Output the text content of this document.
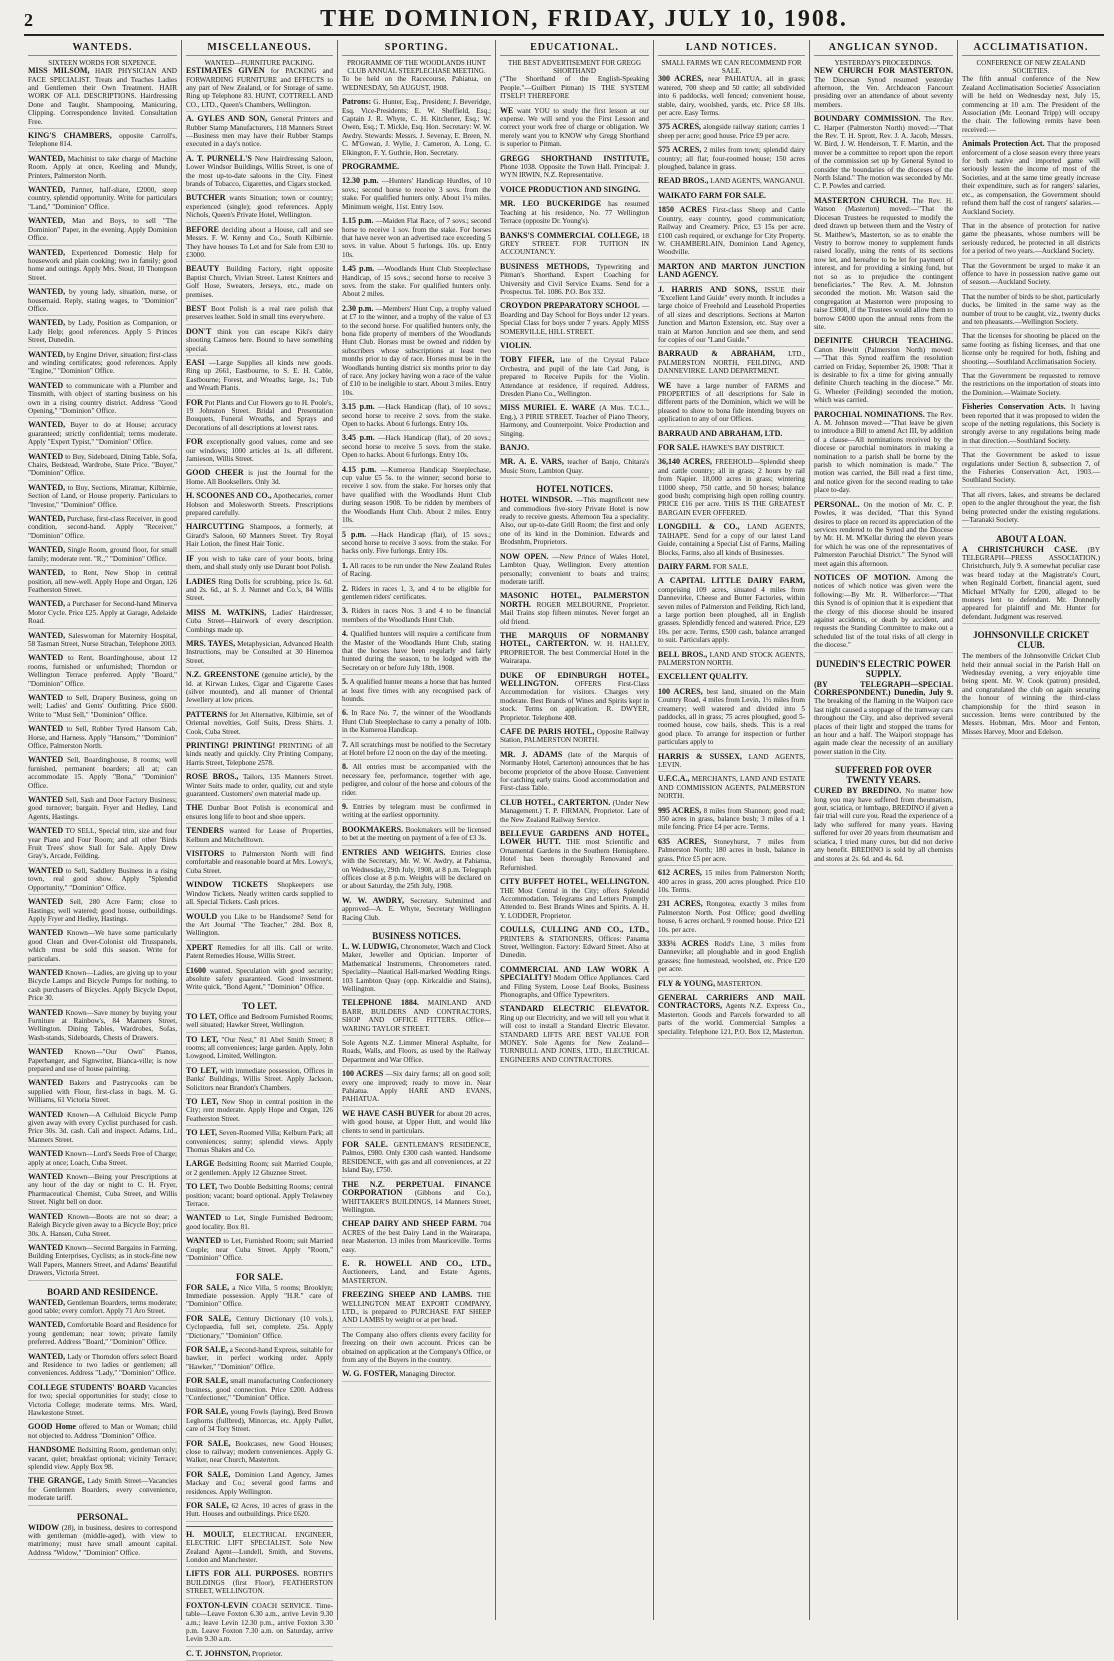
2	THE DOMINION, FRIDAY, JULY 10, 1908.
WANTEDS.
SIXTEEN WORDS FOR SIXPENCE.

MISS MILSOM, HAIR PHYSICIAN AND FACE SPECIALIST. Treats and Teaches Ladies and Gentlemen their Own Treatment. HAIR WORK OF ALL DESCRIPTIONS. Hairdressing Done and Taught. Shampooing, Manicuring, Clipping. Correspondence Invited. Consultation Free.

KING'S CHAMBERS, opposite Carroll's, Telephone 814.

WANTED, Machinist to take charge of Machine Room. Apply at once, Keeling and Mundy, Printers, Palmerston North.

WANTED, Partner, half-share, £2000, steep country, splendid opportunity. Write for particulars "Land," "Dominion" Office.

WANTED, Man and Boys, to sell "The Dominion" Paper, in the evening. Apply Dominion Office.

WANTED, Experienced Domestic Help for housework and plain cooking; two in family; good home and outings. Apply Mrs. Stout, 10 Thompson Street.

WANTED, by young lady, situation, nurse, or housemaid. Reply, stating wages, to "Dominion" Office.

WANTED, by Lady, Position as Companion, or Lady Help; good references. Apply 5 Princes Street, Dunedin.

WANTED, by Engine Driver, situation; first-class and winding certificates; good references. Apply "Engine," "Dominion" Office.

WANTED to communicate with a Plumber and Tinsmith, with object of starting business on his own in a rising country district. Address "Good Opening," "Dominion" Office.

WANTED, Buyer to do at House; accuracy guaranteed; strictly confidential; terms moderate. Apply "Expert Typist," "Dominion" Office.

WANTED to Buy, Sideboard, Dining Table, Sofa, Chairs, Bedstead, Wardrobe, State Price. "Buyer," "Dominion" Office.

WANTED, to Buy, Sections, Miramar, Kilbirnie, Section of Land, or House property. Particulars to "Investor," "Dominion" Office.

WANTED, Purchase, first-class Receiver, in good condition, second-hand. Apply "Receiver," "Dominion" Office.

WANTED, Single Room, ground floor, for small family; moderate rent. "R.," "Dominion" Office.

WANTED, to Rent, New Shop in central position, all new-well. Apply Hope and Organ, 126 Featherston Street.

WANTED, a Purchaser for Second-hand Minerva Motor Cycle. Price £25. Apply at Garage, Adelaide Road.

WANTED, Saleswoman for Maternity Hospital, 58 Tasman Street, Nurse Strachan, Telephone 2003.

WANTED to Rent, Boardinghouse, about 12 rooms, furnished or unfurnished; Thorndon or Wellington Terrace preferred. Apply "Board," "Dominion" Office.

WANTED to Sell, Drapery Business, going on well; Ladies' and Gents' Outfitting. Price £600. Write to "Must Sell," "Dominion" Office.

WANTED to Sell, Rubber Tyred Hansom Cab, Horse, and Harness. Apply "Hansom," "Dominion" Office, Palmerston North.

WANTED Sell, Boardinghouse, 8 rooms; well furnished, permanent boarders; all at; can accommodate 15. Apply "Bona," "Dominion" Office.

WANTED Sell, Sash and Door Factory Business; good turnover; bargain. Fryer and Hedley, Land Agents, Hastings.

WANTED TO SELL, Special trim, size and four year Piano and Four Room; and all other 'Birds Fruit Trees' show Stall for Sale. Apply Drew Gray's, Arcade, Feilding.

WANTED to Sell, Saddlery Business in a rising town, real good show. Apply "Splendid Opportunity," "Dominion" Office.

WANTED Sell, 280 Acre Farm; close to Hastings; well watered; good house, outbuildings. Apply Fryer and Hedley, Hastings.

WANTED Known—We have some particularly good Clean and Over-Colonist old Trusspanels, which must be sold this season. Write for particulars.

WANTED Known—Ladies, are giving up to your Bicycle Lamps and Bicycle Pumps for nothing, to cash purchasers of Bicycles. Apply Bicycle Depot, Price 30.

WANTED Known—Save money by buying your Furniture at Rainbow's, 84 Manners Street, Wellington. Dining Tables, Wardrobes, Sofas, Wash-stands, Sideboards, Chests of Drawers.

WANTED Known—"Our Own" Pianos, Paperhanger, and Signwriter, Bianca-ville; is now prepared and use of house painting.

WANTED Bakers and Pastrycooks can be supplied with Flour, first-class in bags. M. G. Williams, 61 Victoria Street.

WANTED Known—A Celluloid Bicycle Pump given away with every Cyclist purchased for cash. Price 30s. 3d. cash. Cali and inspect. Adams, Ltd., Manners Street.

WANTED Known—Lord's Seeds Free of Charge; apply at once; Loach, Cuba Street.

WANTED Known—Being your Prescriptions at any hour of the day or night to C. H. Fryer, Pharmaceutical Chemist, Cuba Street, and Willis Street. Night bell on door.

WANTED Known—Boots are not so dear; a Raleigh Bicycle given away to a Bicycle Boy; price 30s. A. Hansen, Cuba Street.

WANTED Known—Second Bargains in Farming, Building Enterprises, Cyclists; as in stock-fine new Wall Papers, Manners Street, and Adams' Beautiful Drawers, Victoria Street.

BOARD AND RESIDENCE.

WANTED, Gentleman Boarders, terms moderate; good table; every comfort. Apply 71 Aro Street.

WANTED, Comfortable Board and Residence for young gentleman; near town; private family preferred. Address "Board," "Dominion" Office.

WANTED, Lady or Thorndon offers select Board and Residence to two ladies or gentlemen; all conveniences. Address "Lady," "Dominion" Office.

COLLEGE STUDENTS' BOARD Vacancies for two; special opportunities for study; close to Victoria College; moderate terms. Mrs. Ward, Hawkestone Street.

GOOD Home offered to Man or Woman; child not objected to. Address "Dominion" Office.

HANDSOME Bedsitting Room, gentleman only; vacant, quiet; breakfast optional; vicinity Terrace; splendid view. Apply Box 98.

THE GRANGE, Lady Smith Street—Vacancies for Gentlemen Boarders, every convenience, moderate tariff.

PERSONAL.

WIDOW (28), in business, desires to correspond with gentleman (middle-aged), with view to matrimony; must have small amount capital. Address "Widow," "Dominion" Office.

MISCELLANEOUS.
WANTED—FURNITURE PACKING.

ESTIMATES GIVEN for PACKING and FORWARDING FURNITURE and EFFECTS to any part of New Zealand, or for Storage of same. Ring up Telephone 83. HUNT, COTTRELL AND CO., LTD., Queen's Chambers, Wellington.

A. GYLES AND SON, General Printers and Rubber Stamp Manufacturers, 118 Manners Street—Business men may have their Rubber Stamps executed in a day's notice.

A. T. PURNELL'S New Hairdressing Saloon, Lower Windsor Buildings, Willis Street, is one of the most up-to-date saloons in the City. Finest brands of Tobacco, Cigarettes, and Cigars stocked.

BUTCHER wants Situation; town or country; experienced (single); good references. Apply Nichols, Queen's Private Hotel, Wellington.

BEFORE deciding about a House, call and see Messrs. F. W. Kenny and Co., South Kilbirnie. They have houses To Let and for Sale from £30 to £3000.

BEAUTY Building Factory, right opposite Baptist Church, Vivian Street. Latest Knitters and Golf Hose, Sweaters, Jerseys, etc., made on premises.

BEST Boot Polish is a real rare polish that preserves leather. Sold in small tins everywhere.

DON'T think you can escape Kiki's dairy shooting Cameos here. Bound to have something special.

EASI —Large Supplies all kinds new goods. Ring up 2661, Eastbourne, to S. E. H. Cable, Eastbourne; Forest, and Wreaths; large, 1s.; Tub and Wreath Plants.

FOR Pot Plants and Cut Flowers go to H. Poole's, 19 Johnston Street. Bridal and Presentation Bouquets, Funeral Wreaths, and Sprays and Decorations of all descriptions at lowest rates.

FOR exceptionally good values, come and see our windows; 1000 articles at 1s. all different. Jamieson, Willis Street.

GOOD CHEER is just the Journal for the Home. All Booksellers. Only 3d.

H. SCOONES AND CO., Apothecaries, corner Hobson and Molesworth Streets. Prescriptions prepared carefully.

HAIRCUTTING Shampoos, a formerly, at Girard's Saloon, 60 Manners Street. Try Royal Hair Lotion, the finest Hair Tonic.

IF you wish to take care of your boots, bring them, and shall study only use Durant boot Polish.

LADIES Ring Dolls for scrubbing, price 1s. 6d. and 2s. 6d., at S. J. Nunnet and Co.'s, 84 Willis Street.

MISS M. WATKINS, Ladies' Hairdresser, Cuba Street—Hairwork of every description. Combings made up.

MRS. TAYES, Metaphysician, Advanced Health Instructions, may be Consulted at 30 Hinemoa Street.

N.Z. GREENSTONE (genuine article), by the ld. at Kirwan Lukes, Cigar and Cigarette Cases (silver mounted), and all manner of Oriental Jewellery at low prices.

PATTERNS for Jet Alternative, Kilbirnie, set of Oriental novelties, Golf Suits, Dress Shirts. J. Cook, Cuba Street.

PRINTING! PRINTING! PRINTING of all kinds neatly and quickly. City Printing Company, Harris Street, Telephone 2578.

ROSE BROS., Tailors, 135 Manners Street. Winter Suits made to order, quality, cut and style guaranteed. Customers' own material made up.

THE Dunbar Boot Polish is economical and ensures long life to boot and shoe uppers.

TENDERS wanted for Lease of Properties, Kelburn and Mitchelltown.

VISITORS to Palmerston North will find comfortable and reasonable board at Mrs. Lowry's, Cuba Street.

WINDOW TICKETS Shopkeepers use Window Tickets. Neatly written cards supplied to all. Special Tickets. Cash prices.

WOULD you Like to be Handsome? Send for the Art Journal "The Teacher," 28d. Box 8, Wellington.

XPERT Remedies for all ills. Call or write. Patent Remedies House, Willis Street.

£1600 wanted. Speculation with good security; absolute safety guaranteed. Good investment. Write quick, "Bond Agent," "Dominion" Office.

TO LET.

TO LET, Office and Bedroom Furnished Rooms; well situated; Hawker Street, Wellington.

TO LET, "Our Nest," 81 Abel Smith Street; 8 rooms; all conveniences; large garden. Apply, John Lowgood, Limited, Wellington.

TO LET, with immediate possession, Offices in Banks' Buildings, Willis Street. Apply Jackson, Solicitors near Brandon's Chambers.

TO LET, New Shop in central position in the City; rent moderate. Apply Hope and Organ, 126 Featherston Street.

TO LET, Seven-Roomed Villa; Kelburn Park; all conveniences; sunny; splendid views. Apply Thomas Shakes and Co.

LARGE Bedsitting Room; suit Married Couple, or 2 gentlemen. Apply 12 Ghuznee Street.

TO LET, Two Double Bedsitting Rooms; central position; vacant; board optional. Apply Trelawney Terrace.

WANTED to Let, Single Furnished Bedroom; good locality. Box 81.

WANTED to Let, Furnished Room; suit Married Couple; near Cuba Street. Apply "Room," "Dominion" Office.

FOR SALE.

FOR SALE, a Nice Villa, 5 rooms; Brooklyn; Immediate possession. Apply "H.R." care of "Dominion" Office.

FOR SALE, Century Dictionary (10 vols.), Cyclopaedia, full set, complete. 25s. Apply "Dictionary," "Dominion" Office.

FOR SALE, a Second-hand Express, suitable for hawker, in perfect working order. Apply "Hawker," "Dominion" Office.

FOR SALE, small manufacturing Confectionery business, good connection. Price £200. Address "Confectioner," "Dominion" Office.

FOR SALE, young Fowls (laying), Bred Brown Leghorns (fullbred), Minorcas, etc. Apply Pullet, care of 34 Tory Street.

FOR SALE, Bookcases, new Good Houses; close to railway; modern conveniences. Apply G. Walker, near Church, Masterton.

FOR SALE, Dominion Land Agency, James Mackay and Co.; several good farms and residences. Apply Wellington.

FOR SALE, 62 Acres, 10 acres of grass in the Hutt. Houses and outbuildings. Price £620.

H. MOULT, ELECTRICAL ENGINEER, ELECTRIC LIFT SPECIALIST. Sole New Zealand Agent—Lundell, Smith, and Stevens, London and Manchester.

LIFTS FOR ALL PURPOSES. ROBTH'S BUILDINGS (first Floor), FEATHERSTON STREET, WELLINGTON.

FOXTON-LEVIN COACH SERVICE. Time-table—Leave Foxton 6.30 a.m., arrive Levin 9.30 a.m.; leave Levin 12.30 p.m., arrive Foxton 3.30 p.m. Leave Foxton 7.30 a.m. on Saturday, arrive Levin 9.30 a.m.

C. T. JOHNSTON, Proprietor.

SPORTING.
PROGRAMME OF THE WOODLANDS HUNT CLUB ANNUAL STEEPLECHASE MEETING.

To be held on the Racecourse, Pahiatua, on WEDNESDAY, 5th AUGUST, 1908.

Patrons: G. Hunter, Esq., President; J. Beveridge, Esq. Vice-Presidents; E. W. Sheffield, Esq.; Captain J. R. Whyte, C. H. Kitchener, Esq.; W. Owen, Esq.; T. Mickle, Esq. Hon. Secretary: W. W. Awdry. Stewards: Messrs. J. Sevenay, E. Breen, N. C. M'Gowan, J. Wylie, J. Cameron, A. Long, C. Elkington, F. Y. Guthrie, Hon. Secretary.

PROGRAMME.

12.30 p.m. —Hunters' Handicap Hurdles, of 10 sovs.; second horse to receive 3 sovs. from the stake. For qualified hunters only. About 1¼ miles. Minimum weight, 11st. Entry 1sov.

1.15 p.m. —Maiden Flat Race, of 7 sovs.; second horse to receive 1 sov. from the stake. For horses that have never won an advertised race exceeding 5 sovs. in value. About 5 furlongs. 10s. up. Entry 10s.

1.45 p.m. —Woodlands Hunt Club Steeplechase Handicap, of 15 sovs.; second horse to receive 3 sovs. from the stake. For qualified hunters only. About 2 miles.

2.30 p.m. —Members' Hunt Cup, a trophy valued at £7 to the winner, and a trophy of the value of £3 to the second horse. For qualified hunters only, the bona fide property of members of the Woodlands Hunt Club. Horses must be owned and ridden by subscribers whose subscriptions at least two months prior to day of race. Horses must be in the Woodlands hunting district six months prior to day of race. Any jockey having won a race of the value of £10 to be ineligible to start. About 3 miles. Entry 10s.

3.15 p.m. —Hack Handicap (flat), of 10 sovs.; second horse to receive 2 sovs. from the stake. Open to hacks. About 6 furlongs. Entry 10s.

3.45 p.m. —Hack Handicap (flat), of 20 sovs.; second horse to receive 5 sovs. from the stake. Open to hacks. About 6 furlongs. Entry 10s.

4.15 p.m. —Kumeroa Handicap Steeplechase, cup value £5 5s. to the winner; second horse to receive 1 sov. from the stake. For horses only that have qualified with the Woodlands Hunt Club during season 1908. To be ridden by members of the Woodlands Hunt Club. About 2 miles. Entry 10s.

5 p.m. —Hack Handicap (flat), of 15 sovs.; second horse to receive 3 sovs. from the stake. For hacks only. Five furlongs. Entry 10s.

1. All races to be run under the New Zealand Rules of Racing.

2. Riders in races 1, 3, and 4 to be eligible for gentlemen riders' certificates.

3. Riders in races Nos. 3 and 4 to be financial members of the Woodlands Hunt Club.

4. Qualified hunters will require a certificate from the Master of the Woodlands Hunt Club, stating that the horses have been regularly and fairly hunted during the season, to be lodged with the Secretary on or before July 18th, 1908.

5. A qualified hunter means a horse that has hunted at least five times with any recognised pack of hounds.

6. In Race No. 7, the winner of the Woodlands Hunt Club Steeplechase to carry a penalty of 10lb. in the Kumeroa Handicap.

7. All scratchings must be notified to the Secretary at Hotel before 12 noon on the day of the meeting.

8. All entries must be accompanied with the necessary fee, performance, together with age, pedigree, and colour of the horse and colours of the rider.

9. Entries by telegram must be confirmed in writing at the earliest opportunity.

BOOKMAKERS. Bookmakers will be licensed to bet at the meeting on payment of a fee of £3 3s.

ENTRIES AND WEIGHTS. Entries close with the Secretary, Mr. W. W. Awdry, at Pahiatua, on Wednesday, 29th July, 1908, at 8 p.m. Telegraph offices close at 8 p.m. Weights will be declared on or about Saturday, the 25th July, 1908.

W. W. AWDRY, Secretary. Submitted and approved—A. E. Whyte, Secretary Wellington Racing Club.

BUSINESS NOTICES.

L. W. LUDWIG, Chronometer, Watch and Clock Maker, Jeweller and Optician. Importer of Mathematical Instruments, Chronometers rated. Speciality—Nautical Hall-marked Wedding Rings. 103 Lambton Quay (opp. Kirkcaldie and Stains), Wellington.

TELEPHONE 1884. MAINLAND AND BARR, BUILDERS AND CONTRACTORS, SHOP AND OFFICE FITTERS. Office—WARING TAYLOR STREET.

Sole Agents N.Z. Limmer Mineral Asphalte, for Roads, Walls, and Floors, as used by the Railway Department and War Office.

100 ACRES —Six dairy farms; all on good soil; every one improved; ready to move in. Near Pahiatua. Apply HARE AND EVANS, PAHIATUA.

WE HAVE CASH BUYER for about 20 acres, with good house, at Upper Hutt, and would like clients to send in particulars.

FOR SALE. GENTLEMAN'S RESIDENCE, Palmos, £980. Only £300 cash wanted. Handsome RESIDENCE, with gas and all conveniences, at 22 Island Bay, £750.

THE N.Z. PERPETUAL FINANCE CORPORATION (Gibbons and Co.), WHITTAKER'S BUILDINGS, 14 Manners Street, Wellington.

CHEAP DAIRY AND SHEEP FARM. 704 ACRES of the best Dairy Land in the Wairarapa, near Masterton. 13 miles from Mauriceville. Terms easy.

E. R. HOWELL AND CO., LTD., Auctioneers, Land, and Estate Agents, MASTERTON.

FREEZING SHEEP AND LAMBS. THE WELLINGTON MEAT EXPORT COMPANY, LTD., is prepared to PURCHASE FAT SHEEP AND LAMBS by weight or at per head.

The Company also offers clients every facility for freezing on their own account. Prices can be obtained on application at the Company's Office, or from any of the Buyers in the country.

W. G. FOSTER, Managing Director.

EDUCATIONAL.
THE BEST ADVERTISEMENT FOR GREGG SHORTHAND

("The Shorthand of the English-Speaking People."—Guilbert Pitman) IS THE SYSTEM ITSELF! THEREFORE

WE want YOU to study the first lesson at our expense. We will send you the First Lesson and correct your work free of charge or obligation. We merely want you to KNOW why Gregg Shorthand is superior to Pitman.

GREGG SHORTHAND INSTITUTE, Phone 1038. Opposite the Town Hall. Principal: J. WYN IRWIN, N.Z. Representative.

VOICE PRODUCTION AND SINGING.

MR. LEO BUCKERIDGE has resumed Teaching at his residence, No. 77 Wellington Terrace (opposite Dr. Young's).

BANKS'S COMMERCIAL COLLEGE, 18 GREY STREET. FOR TUITION IN ACCOUNTANCY.

BUSINESS METHODS, Typewriting and Pitman's Shorthand. Expert Coaching for University and Civil Service Exams. Send for a Prospectus. Tel. 1086. P.O. Box 332.

CROYDON PREPARATORY SCHOOL —Boarding and Day School for Boys under 12 years. Special Class for boys under 7 years. Apply MISS SOMERVILLE, HILL STREET.

VIOLIN.

TOBY FIFER, late of the Crystal Palace Orchestra, and pupil of the late Carl Jung, is prepared to Receive Pupils for the Violin. Attendance at residence, if required. Address, Dresden Piano Co., Wellington.

MISS MURIEL E. WARE (A Mus. T.C.L., Eng.), 3 PIRIE STREET. Teacher of Piano Theory, Harmony, and Counterpoint. Voice Production and Singing.

BANJO.

MR. A. E. VARS, teacher of Banjo, Chitara's Music Store, Lambton Quay.

HOTEL NOTICES.

HOTEL WINDSOR. —This magnificent new and commodious five-story Private Hotel is now ready to receive guests. Afternoon Tea a speciality. Also, our up-to-date Grill Room; the first and only one of its kind in the Dominion. Edwards and Brodsnhm, Proprietors.

NOW OPEN. —New Prince of Wales Hotel, Lambton Quay, Wellington. Every attention personally; convenient to boats and trains; moderate tariff.

MASONIC HOTEL, PALMERSTON NORTH. ROGER MELBOURNE, Proprietor. Mail Trains stop fifteen minutes. Never forget an old friend.

THE MARQUIS OF NORMANBY HOTEL, CARTERTON. W. H. HALLEY, PROPRIETOR. The best Commercial Hotel in the Wairarapa.

DUKE OF EDINBURGH HOTEL, WELLINGTON. OFFERS First-Class Accommodation for visitors. Charges very moderate. Best Brands of Wines and Spirits kept in stock. Terms on application. R. DWYER, Proprietor. Telephone 408.

CAFE DE PARIS HOTEL, Opposite Railway Station, PALMERSTON NORTH.

MR. J. ADAMS (late of the Marquis of Normanby Hotel, Carterton) announces that he has become proprietor of the above House. Convenient for catching early trains. Good accommodation and First-class Table.

CLUB HOTEL, CARTERTON. (Under New Management.) T. P. FIRMAN, Proprietor. Late of the New Zealand Railway Service.

BELLEVUE GARDENS AND HOTEL, LOWER HUTT. THE most Scientific and Ornamental Gardens in the Southern Hemisphere. Hotel has been thoroughly Renovated and Refurnished.

CITY BUFFET HOTEL, WELLINGTON. THE Most Central in the City; offers Splendid Accommodation. Telegrams and Letters Promptly Attended to. Best Brands Wines and Spirits. A. H. Y. LODDER, Proprietor.

COULLS, CULLING AND CO., LTD., PRINTERS & STATIONERS, Offices: Panama Street, Wellington. Factory: Edward Street. Also at Dunedin.

COMMERCIAL AND LAW WORK A SPECIALITY! Modern Office Appliances. Card and Filing System, Loose Leaf Books, Business Phonographs, and Office Typewriters.

STANDARD ELECTRIC ELEVATOR. Ring up our Electricity, and we will tell you what it will cost to install a Standard Electric Elevator. STANDARD LIFTS ARE BEST VALUE FOR MONEY. Sole Agents for New Zealand—TURNBULL AND JONES, LTD., ELECTRICAL ENGINEERS AND CONTRACTORS.

LAND NOTICES.
SMALL FARMS WE CAN RECOMMEND FOR SALE.

300 ACRES, near PAHIATUA, all in grass; watered, 700 sheep and 50 cattle; all subdivided into 6 paddocks, well fenced; convenient house, stable, dairy, woolshed, yards, etc. Price £8 10s. per acre. Easy Terms.

375 ACRES, alongside railway station; carries 1 sheep per acre; good house. Price £9 per acre.

575 ACRES, 2 miles from town; splendid dairy country; all flat; four-roomed house; 150 acres ploughed, balance in grass.

READ BROS., LAND AGENTS, WANGANUI.

WAIKATO FARM FOR SALE.

1850 ACRES First-class Sheep and Cattle Country, easy country, good communication; Railway and Creamery. Price, £3 15s per acre. £100 cash required, or exchange for City Property. W. CHAMBERLAIN, Dominion Land Agency, Woodville.

MARTON AND MARTON JUNCTION LAND AGENCY.

J. HARRIS AND SONS, ISSUE their "Excellent Land Guide" every month. It includes a large choice of Freehold and Leasehold Properties of all sizes and descriptions. Sections at Marton Junction and Marton Extension, etc. Stay over a train at Marton Junction and see them, and send for copies of our "Land Guide."

BARRAUD & ABRAHAM, LTD., PALMERSTON NORTH, FEILDING, AND DANNEVIRKE. LAND DEPARTMENT.

WE have a large number of FARMS and PROPERTIES of all descriptions for Sale in different parts of the Dominion, which we will be pleased to show to bona fide intending buyers on application to any of our Offices.

BARRAUD AND ABRAHAM, LTD.

FOR SALE. HAWKE'S BAY DISTRICT.

36,140 ACRES, FREEHOLD—Splendid sheep and cattle country; all in grass; 2 hours by rail from Napier. 18,000 acres in grass; wintering 11000 sheep, 750 cattle, and 50 horses; balance good bush; comprising high open rolling country. PRICE £16 per acre. THIS IS THE GREATEST BARGAIN EVER OFFERED.

LONGDILL & CO., LAND AGENTS, TAIHAPE. Send for a copy of our latest Land Guide, containing a Special List of Farms, Mailing Blocks, Farms, also all kinds of Businesses.

DAIRY FARM. FOR SALE.

A CAPITAL LITTLE DAIRY FARM, comprising 109 acres, situated 4 miles from Dannevirke, Cheese and Butter Factories, within seven miles of Palmerston and Feilding. Rich land, a large portion been ploughed, all in English grasses. Splendidly fenced and watered. Price, £29 10s. per acre. Terms, £500 cash, balance arranged to suit. Particulars apply.

BELL BROS., LAND AND STOCK AGENTS, PALMERSTON NORTH.

EXCELLENT QUALITY.

100 ACRES, best land, situated on the Main Country Road, 4 miles from Levin, 1½ miles from creamery; well watered and divided into 5 paddocks, all in grass; 75 acres ploughed, good 5-roomed house, cow bails, sheds. This is a real good place. To arrange for inspection or further particulars apply to

HARRIS & SUSSEX, LAND AGENTS, LEVIN.

U.F.C.A., MERCHANTS, LAND AND ESTATE AND COMMISSION AGENTS, PALMERSTON NORTH.

995 ACRES, 8 miles from Shannon; good road; 350 acres in grass, balance bush; 3 miles of a 1 mile fencing. Price £4 per acre. Terms.

635 ACRES, Stoneyhurst, 7 miles from Palmerston North; 180 acres in bush, balance in grass. Price £5 per acre.

612 ACRES, 15 miles from Palmerston North; 400 acres in grass, 200 acres ploughed. Price £10 10s. Terms.

231 ACRES, Rongotea, exactly 3 miles from Palmerston North. Post Office; good dwelling house, 6 acres orchard, 9 roomed house. Price £21 10s. per acre.

333¾ ACRES Rodd's Line, 3 miles from Dannevirke; all ploughable and in good English grasses; fine homestead, woolshed, etc. Price £20 per acre.

FLY & YOUNG, MASTERTON.

GENERAL CARRIERS AND MAIL CONTRACTORS, Agents N.Z. Express Co., Masterton. Goods and Parcels forwarded to all parts of the world. Commercial Samples a speciality. Telephone 121, P.O. Box 12, Masterton.

ANGLICAN SYNOD.
YESTERDAY'S PROCEEDINGS.

NEW CHURCH FOR MASTERTON. The Diocesan Synod resumed yesterday afternoon, the Ven. Archdeacon Fancourt presiding over an attendance of about seventy members.

BOUNDARY COMMISSION. The Rev. C. Harper (Palmerston North) moved:—"That the Rev. T. H. Sprott, Rev. J. A. Jacob, Messrs. W. Bird, J. W. Henderson, T. F. Martin, and the mover be a committee to report upon the report of the commission set up by General Synod to consider the boundaries of the dioceses of the North Island." The motion was seconded by Mr. C. P. Powles and carried.

MASTERTON CHURCH. The Rev. H. Watson (Masterton) moved:—"That the Diocesan Trustees be requested to modify the deed drawn up between them and the Vestry of St. Matthew's, Masterton, so as to enable the Vestry to borrow money to supplement funds raised locally, using the rents of its sections now let, and hereafter to be let for payment of interest, and for providing a sinking fund, but not so as to prejudice the contingent beneficiaries." The Rev. A. M. Johnston seconded the motion. Mr. Watson said the congregation at Masterton were proposing to raise £3000, if the Trustees would allow them to borrow £4000 upon the annual rents from the site.

DEFINITE CHURCH TEACHING. Canon Hewitt (Palmerston North) moved:—"That this Synod reaffirm the resolution carried on Friday, September 26, 1908: 'That it is desirable to fix a time for giving annually definite Church teaching in the diocese.'" Mr. G. Wheeler (Feilding) seconded the motion, which was carried.

PAROCHIAL NOMINATIONS. The Rev. A. M. Johnson moved:—"That leave be given to introduce a Bill to amend Act III, by addition of a clause—All nominations received by the diocese or parochial nominators in making a nomination to a parish shall be borne by the parish to which nomination is made." The motion was carried, the Bill read a first time, and notice given for the second reading to take place to-day.

PERSONAL. On the motion of Mr. C. P. Powles, it was decided, "That this Synod desires to place on record its appreciation of the services rendered to the Synod and the Diocese by Mr. H. M. M'Kellar during the eleven years for which he was one of the representatives of Palmerston Parochial District." The Synod will meet again this afternoon.

NOTICES OF MOTION. Among the notices of which notice was given were the following:—By Mr. R. Wilberforce:—"That this Synod is of opinion that it is expedient that the clergy of this diocese should be insured against accidents, or death by accident, and requests the Standing Committee to make out a scheduled list of the total risks of all clergy in the diocese."

DUNEDIN'S ELECTRIC POWER SUPPLY.

(BY TELEGRAPH—SPECIAL CORRESPONDENT.) Dunedin, July 9. The breaking of the flaming in the Waipori race last night caused a stoppage of the tramway cars throughout the City, and also deprived several places of their light and stopped the trams for an hour and a half. The Waipori stoppage has again made clear the necessity of an auxiliary power station in the City.

SUFFERED FOR OVER TWENTY YEARS.

CURED BY BREDINO. No matter how long you may have suffered from rheumatism, gout, sciatica, or lumbago, BREDINO if given a fair trial will cure you. Read the experience of a lady who suffered for many years. Having suffered for over 20 years from rheumatism and sciatica, I tried many cures, but did not derive any benefit. BREDINO is sold by all chemists and stores at 2s. 6d. and 4s. 6d.

ACCLIMATISATION.
CONFERENCE OF NEW ZEALAND SOCIETIES.

The fifth annual conference of the New Zealand Acclimatisation Societies' Association will be held on Wednesday next, July 15, commencing at 10 a.m. The President of the Association (Mr. Leonard Tripp) will occupy the chair. The following remits have been received:—

Animals Protection Act. That the proposed enforcement of a close season every three years for both native and imported game will seriously lessen the income of most of the Societies, and at the same time greatly increase their expenditure, such as for rangers' salaries, etc., as compensation, the Government should refund them half the cost of rangers' salaries.—Auckland Society.

That in the absence of protection for native game the pheasants, whose numbers will be seriously reduced, be protected in all districts for a period of two years.—Auckland Society.

That the Government be urged to make it an offence to have in possession native game out of season.—Auckland Society.

That the number of birds to be shot, particularly ducks, be limited in the same way as the number of trout to be caught, viz., twenty ducks and ten pheasants.—Wellington Society.

That the licenses for shooting be placed on the same footing as fishing licenses, and that one license only be required for both, fishing and shooting.—Southland Acclimatisation Society.

That the Government be requested to remove the restrictions on the importation of stoats into the Dominion.—Waimate Society.

Fisheries Conservation Acts. It having been reported that it was proposed to widen the scope of the netting regulations, this Society is strongly averse to any regulations being made in that direction.—Southland Society.

That the Government be asked to issue regulations under Section 8, subsection 7, of the Fisheries Conservation Act, 1903.—Southland Society.

That all rivers, lakes, and streams be declared open to the angler throughout the year, the fish being protected under the existing regulations.—Taranaki Society.

ABOUT A LOAN.

A CHRISTCHURCH CASE. (BY TELEGRAPH—PRESS ASSOCIATION.) Christchurch, July 9. A somewhat peculiar case was heard today at the Magistrate's Court, when Reginald Corbett, financial agent, sued Michael M'Nally for £200, alleged to be moneys lent to defendant. Mr. Donnelly appeared for plaintiff and Mr. Hunter for defendant. Judgment was reserved.

JOHNSONVILLE CRICKET CLUB.

The members of the Johnsonville Cricket Club held their annual social in the Parish Hall on Wednesday evening, a very enjoyable time being spent. Mr. W. Cook (patron) presided, and congratulated the club on again securing the honour of winning the third-class championship for the third season in succession. Items were contributed by the Messrs. Hobman, Mrs. Moor and Fenton, Misses Harvey, Moor and Edelson.
